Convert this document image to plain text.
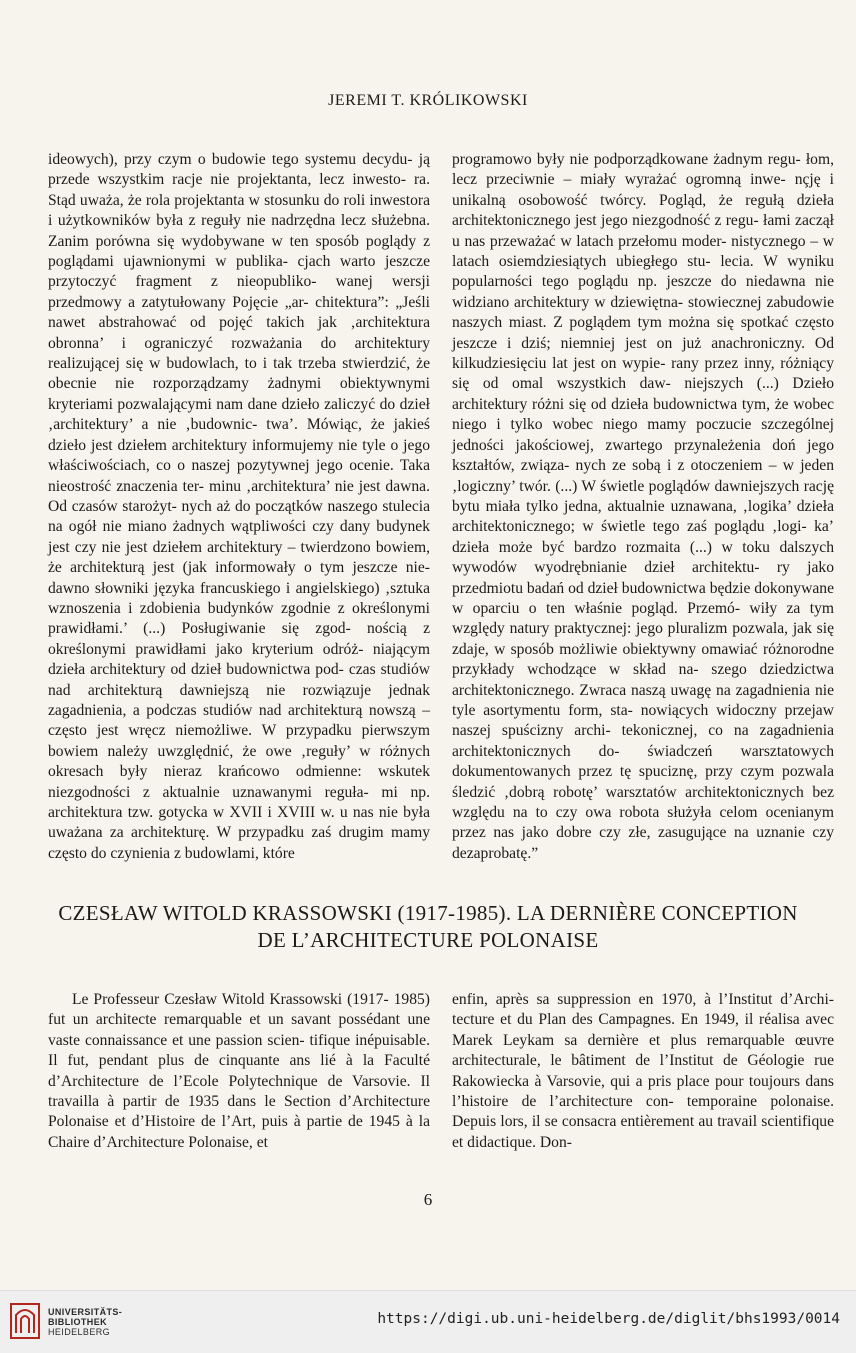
JEREMI T. KRÓLIKOWSKI

ideowych), przy czym o budowie tego systemu decydu- ją przede wszystkim racje nie projektanta, lecz inwesto- ra. Stąd uważa, że rola projektanta w stosunku do roli inwestora i użytkowników była z reguły nie nadrzędna lecz służebna. Zanim porówna się wydobywane w ten sposób poglądy z poglądami ujawnionymi w publika- cjach warto jeszcze przytoczyć fragment z nieopubliko- wanej wersji przedmowy a zatytułowany Pojęcie „ar- chitektura”: „Jeśli nawet abstrahować od pojęć takich jak ‚architektura obronna’ i ograniczyć rozważania do architektury realizującej się w budowlach, to i tak trzeba stwierdzić, że obecnie nie rozporządzamy żadnymi obiektywnymi kryteriami pozwalającymi nam dane dzieło zaliczyć do dzieł ‚architektury’ a nie ‚budownic- twa’. Mówiąc, że jakieś dzieło jest dziełem architektury informujemy nie tyle o jego właściwościach, co o naszej pozytywnej jego ocenie. Taka nieostrość znaczenia ter- minu ‚architektura’ nie jest dawna. Od czasów starożyt- nych aż do początków naszego stulecia na ogół nie miano żadnych wątpliwości czy dany budynek jest czy nie jest dziełem architektury – twierdzono bowiem, że architekturą jest (jak informowały o tym jeszcze nie- dawno słowniki języka francuskiego i angielskiego) ‚sztuka wznoszenia i zdobienia budynków zgodnie z określonymi prawidłami.’ (...) Posługiwanie się zgod- nością z określonymi prawidłami jako kryterium odróż- niającym dzieła architektury od dzieł budownictwa pod- czas studiów nad architekturą dawniejszą nie rozwiązuje jednak zagadnienia, a podczas studiów nad architekturą nowszą – często jest wręcz niemożliwe. W przypadku pierwszym bowiem należy uwzględnić, że owe ‚reguły’ w różnych okresach były nieraz krańcowo odmienne: wskutek niezgodności z aktualnie uznawanymi regułа- mi np. architektura tzw. gotycka w XVII i XVIII w. u nas nie była uważana za architekturę. W przypadku zaś drugim mamy często do czynienia z budowlami, które

programowo były nie podporządkowane żadnym regu- łom, lecz przeciwnie – miały wyrażać ogromną inwe- nçję i unikalną osobowość twórcy. Pogląd, że regułą dzieła architektonicznego jest jego niezgodność z regu- łami zaczął u nas przeważać w latach przełomu moder- nistycznego – w latach osiemdziesiątych ubiegłego stu- lecia. W wyniku popularności tego poglądu np. jeszcze do niedawna nie widziano architektury w dziewiętna- stowiecznej zabudowie naszych miast. Z poglądem tym można się spotkać często jeszcze i dziś; niemniej jest on już anachroniczny. Od kilkudziesięciu lat jest on wypie- rany przez inny, różniący się od omal wszystkich daw- niejszych (...) Dzieło architektury różni się od dzieła budownictwa tym, że wobec niego i tylko wobec niego mamy poczucie szczególnej jedności jakościowej, zwartego przynależenia doń jego kształtów, związa- nych ze sobą i z otoczeniem – w jeden ‚logiczny’ twór. (...) W świetle poglądów dawniejszych rację bytu miała tylko jedna, aktualnie uznawana, ‚logika’ dzieła architektonicznego; w świetle tego zaś poglądu ‚logi- ka’ dzieła może być bardzo rozmaita (...) w toku dalszych wywodów wyodrębnianie dzieł architektu- ry jako przedmiotu badań od dzieł budownictwa będzie dokonywane w oparciu o ten właśnie pogląd. Przemó- wiły za tym względy natury praktycznej: jego pluralizm pozwala, jak się zdaje, w sposób możliwie obiektywny omawiać różnorodne przykłady wchodzące w skład na- szego dziedzictwa architektonicznego. Zwraca naszą uwagę na zagadnienia nie tyle asortymentu form, sta- nowiących widoczny przejaw naszej spuścizny archi- tekonicznej, co na zagadnienia architektonicznych do- świadczeń warsztatowych dokumentowanych przez tę spuciznę, przy czym pozwala śledzić ‚dobrą robotę’ warsztatów architektonicznych bez względu na to czy owa robota służyła celom ocenianym przez nas jako dobre czy złe, zasugujące na uznanie czy dezaprobatę.”

CZESŁAW WITOLD KRASSOWSKI (1917-1985). LA DERNIÈRE CONCEPTION
DE L’ARCHITECTURE POLONAISE

Le Professeur Czesław Witold Krassowski (1917- 1985) fut un architecte remarquable et un savant possédant une vaste connaissance et une passion scien- tifique inépuisable. Il fut, pendant plus de cinquante ans lié à la Faculté d’Architecture de l’Ecole Polytechnique de Varsovie. Il travailla à partir de 1935 dans le Section d’Architecture Polonaise et d’Histoire de l’Art, puis à partie de 1945 à la Chaire d’Architecture Polonaise, et

enfin, après sa suppression en 1970, à l’Institut d’Archi- tecture et du Plan des Campagnes. En 1949, il réalisa avec Marek Leykam sa dernière et plus remarquable œuvre architecturale, le bâtiment de l’Institut de Géologie rue Rakowiecka à Varsovie, qui a pris place pour toujours dans l’histoire de l’architecture con- temporaine polonaise. Depuis lors, il se consacra entièrement au travail scientifique et didactique. Don-

6
UNIVERSITÄTS-
BIBLIOTHEK
HEIDELBERG
https://digi.ub.uni-heidelberg.de/diglit/bhs1993/0014
